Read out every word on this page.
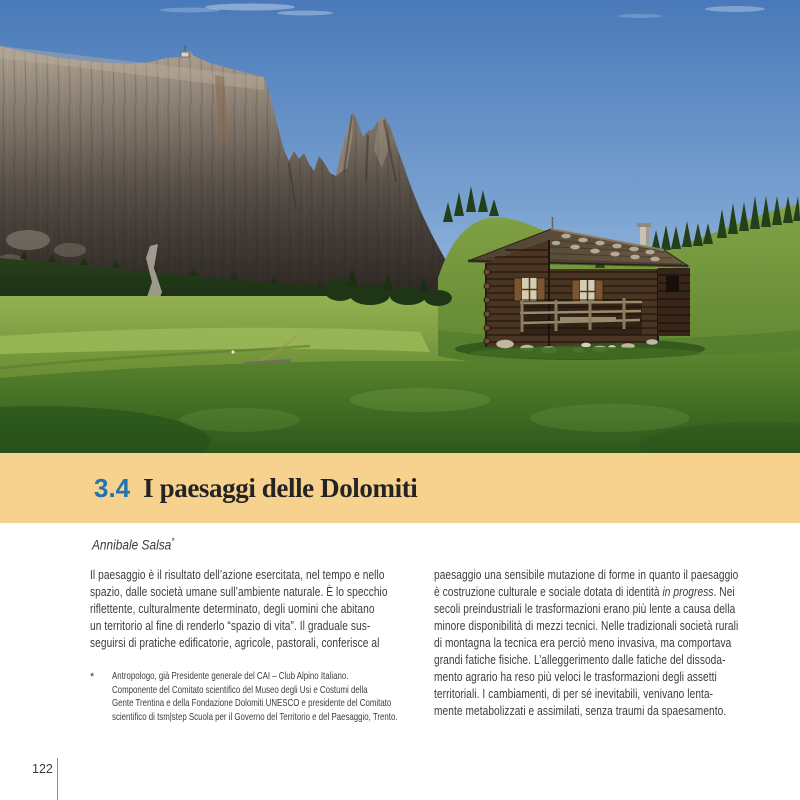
3.4 I paesaggi delle Dolomiti
Annibale Salsa*
Il paesaggio è il risultato dell’azione esercitata, nel tempo e nello
spazio, dalle società umane sull’ambiente naturale. È lo specchio
riflettente, culturalmente determinato, degli uomini che abitano
un territorio al fine di renderlo “spazio di vita”. Il graduale sus-
seguirsi di pratiche edificatorie, agricole, pastorali, conferisce al
paesaggio una sensibile mutazione di forme in quanto il paesaggio
è costruzione culturale e sociale dotata di identità in progress. Nei
secoli preindustriali le trasformazioni erano più lente a causa della
minore disponibilità di mezzi tecnici. Nelle tradizionali società rurali
di montagna la tecnica era perciò meno invasiva, ma comportava
grandi fatiche fisiche. L’alleggerimento dalle fatiche del dissoda-
mento agrario ha reso più veloci le trasformazioni degli assetti
territoriali. I cambiamenti, di per sé inevitabili, venivano lenta-
mente metabolizzati e assimilati, senza traumi da spaesamento.
*	Antropologo, già Presidente generale del CAI – Club Alpino Italiano.
Componente del Comitato scientifico del Museo degli Usi e Costumi della
Gente Trentina e della Fondazione Dolomiti UNESCO e presidente del Comitato
scientifico di tsm|step Scuola per il Governo del Territorio e del Paesaggio, Trento.
122
